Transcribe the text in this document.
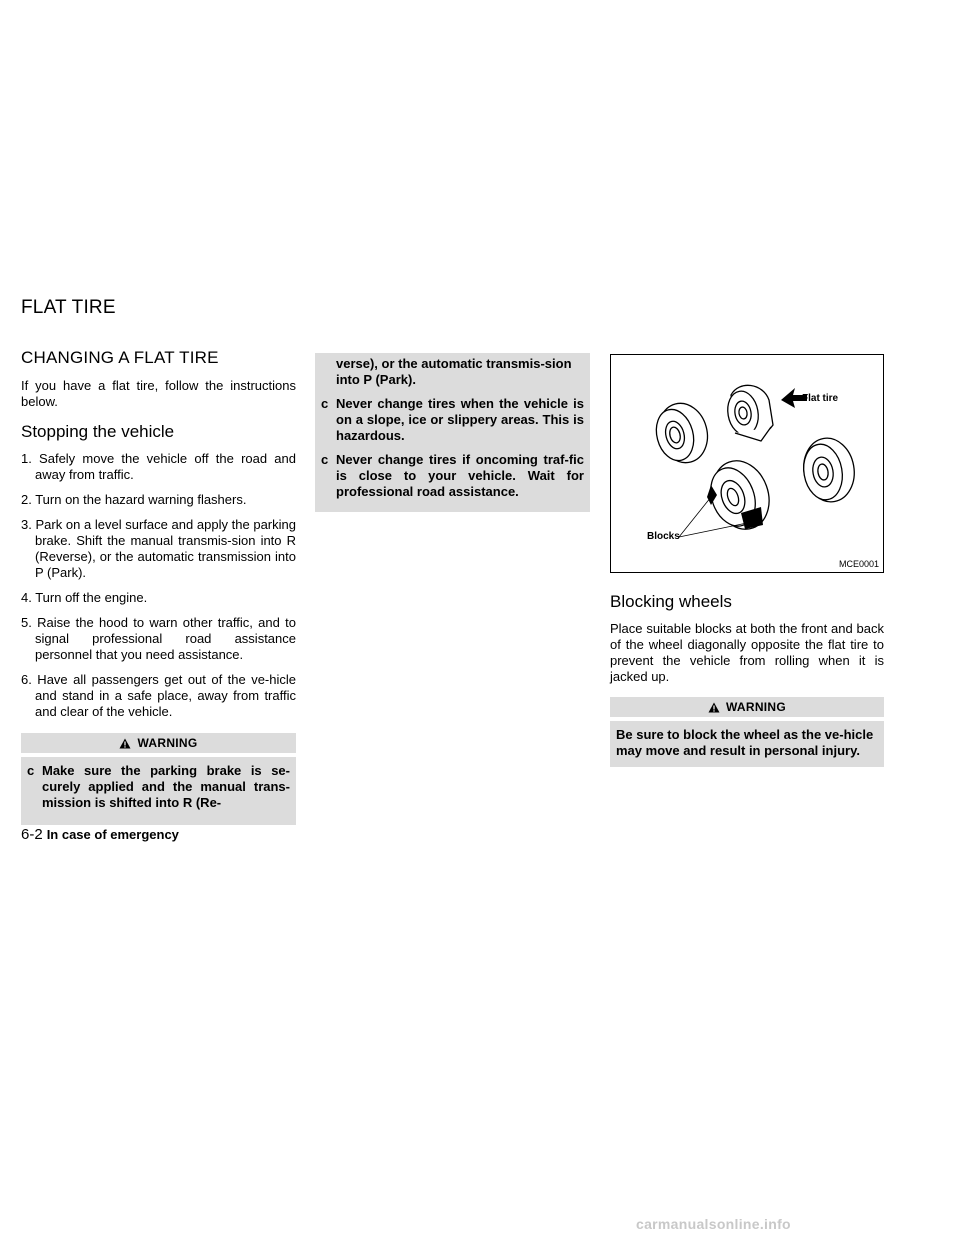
FLAT TIRE
CHANGING A FLAT TIRE

If you have a flat tire, follow the instructions below.

Stopping the vehicle
1. Safely move the vehicle off the road and away from traffic.
2. Turn on the hazard warning flashers.
3. Park on a level surface and apply the parking brake. Shift the manual transmis-sion into R (Reverse), or the automatic transmission into P (Park).
4. Turn off the engine.
5. Raise the hood to warn other traffic, and to signal professional road assistance personnel that you need assistance.
6. Have all passengers get out of the ve-hicle and stand in a safe place, away from traffic and clear of the vehicle.
WARNING

c Make sure the parking brake is se-curely applied and the manual trans-mission is shifted into R (Re-

verse), or the automatic transmis-sion into P (Park).

c Never change tires when the vehicle is on a slope, ice or slippery areas. This is hazardous.

c Never change tires if oncoming traf-fic is close to your vehicle. Wait for professional road assistance.

Flat tire
Blocks
MCE0001
Blocking wheels

Place suitable blocks at both the front and back of the wheel diagonally opposite the flat tire to prevent the vehicle from rolling when it is jacked up.

WARNING

Be sure to block the wheel as the ve-hicle may move and result in personal injury.

6-2 In case of emergency
carmanualsonline.info
